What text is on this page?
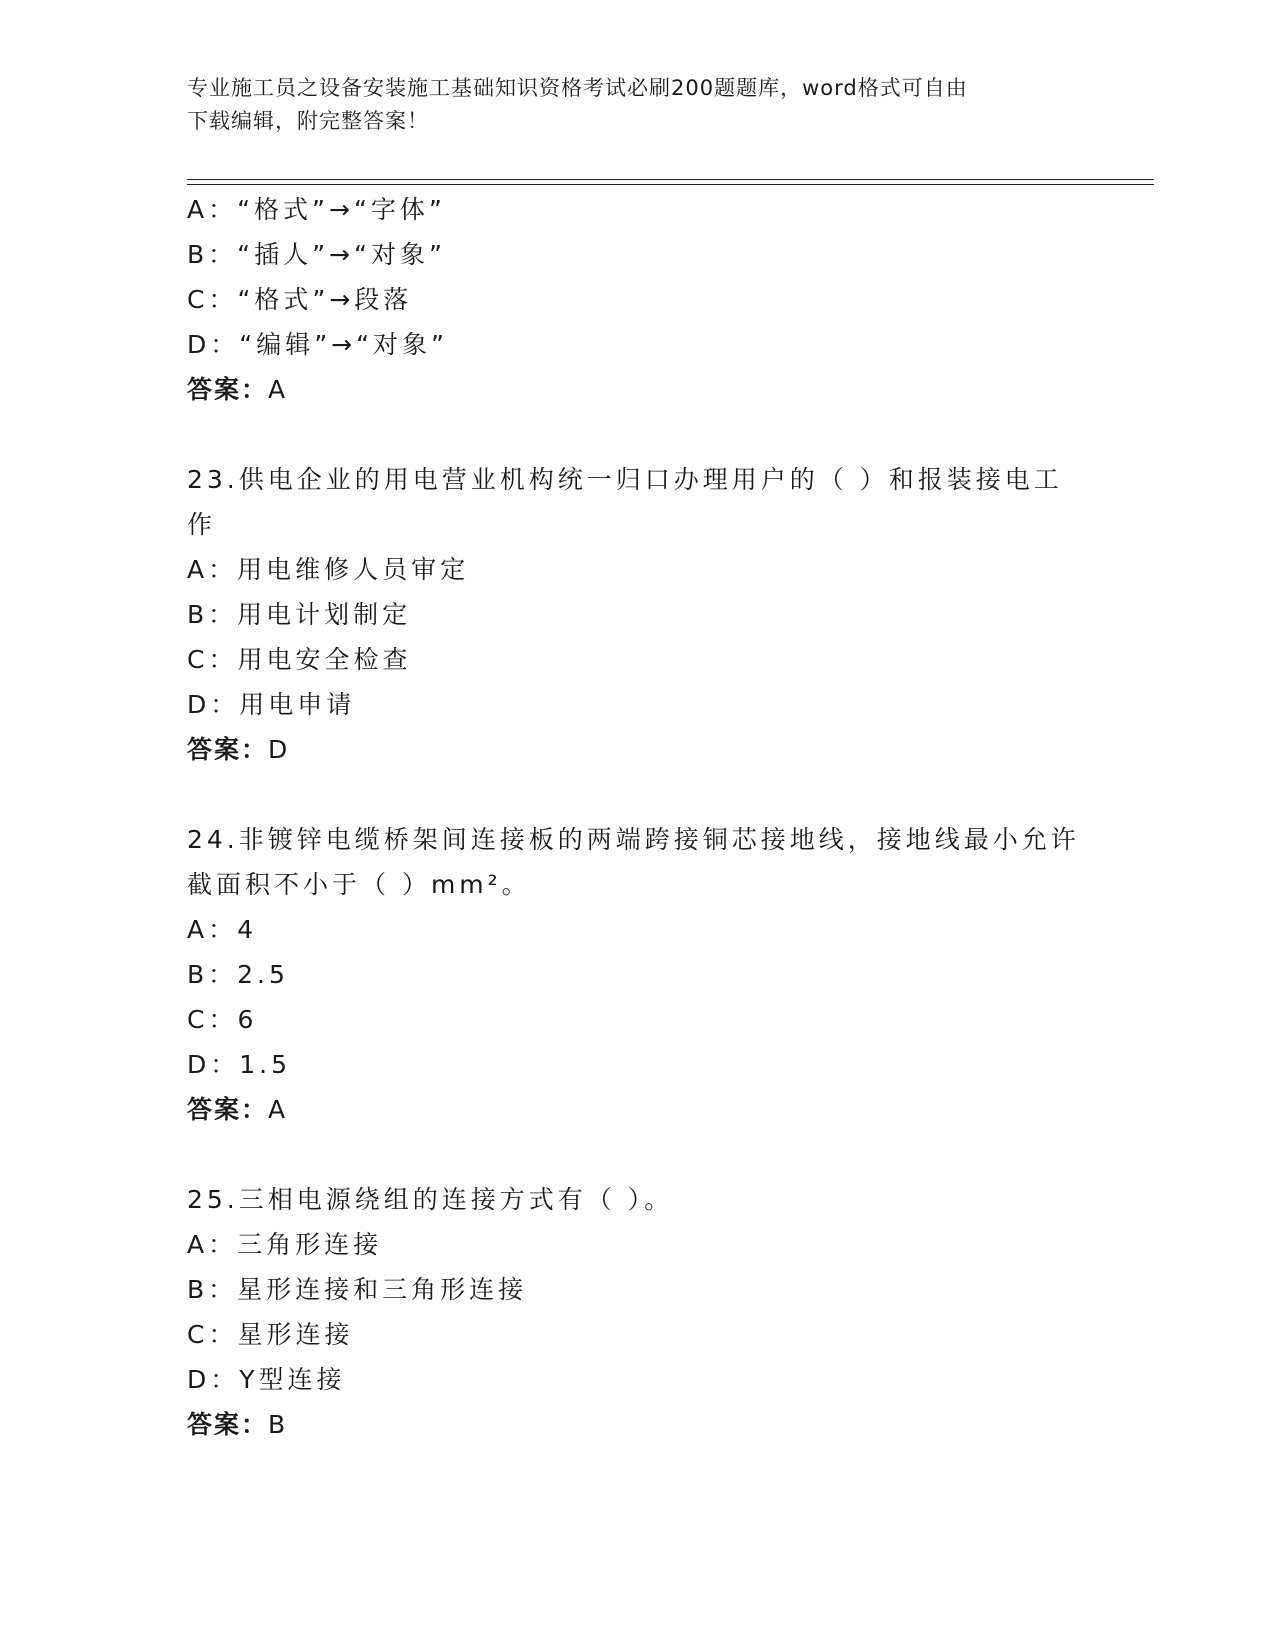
专业施工员之设备安装施工基础知识资格考试必刷200题题库，word格式可自由
下载编辑，附完整答案！
A：“格式”→“字体”
B：“插人”→“对象”
C：“格式”→段落
D：“编辑”→“对象”
答案：A
23.供电企业的用电营业机构统一归口办理用户的（ ）和报装接电工
作
A：用电维修人员审定
B：用电计划制定
C：用电安全检查
D：用电申请
答案：D
24.非镀锌电缆桥架间连接板的两端跨接铜芯接地线，接地线最小允许
截面积不小于（ ）mm²。
A：4
B：2.5
C：6
D：1.5
答案：A
25.三相电源绕组的连接方式有（ ）。
A：三角形连接
B：星形连接和三角形连接
C：星形连接
D：Y型连接
答案：B
